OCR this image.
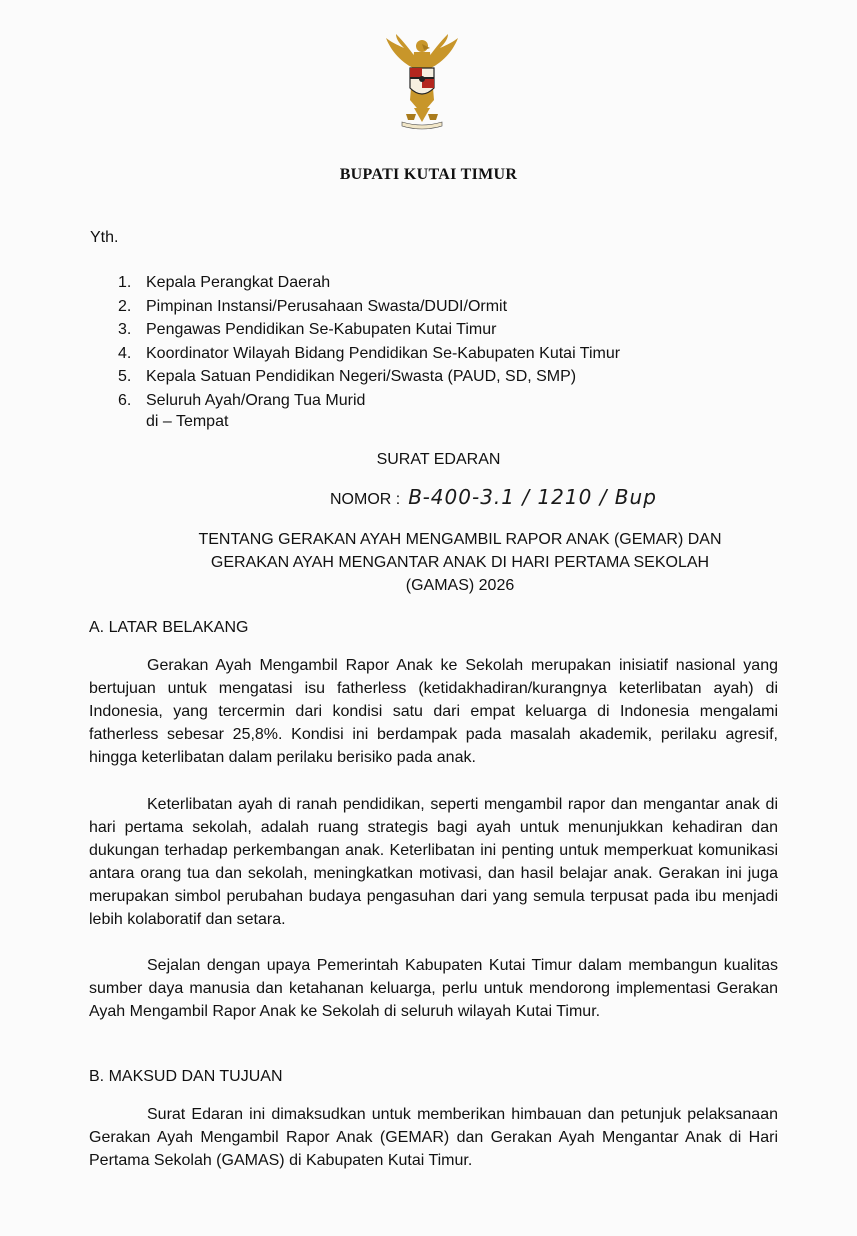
BUPATI KUTAI TIMUR
Yth.
1. Kepala Perangkat Daerah
2. Pimpinan Instansi/Perusahaan Swasta/DUDI/Ormit
3. Pengawas Pendidikan Se-Kabupaten Kutai Timur
4. Koordinator Wilayah Bidang Pendidikan Se-Kabupaten Kutai Timur
5. Kepala Satuan Pendidikan Negeri/Swasta (PAUD, SD, SMP)
6. Seluruh Ayah/Orang Tua Murid
di – Tempat
SURAT EDARAN
NOMOR : B-400-3.1 / 1210 / Bup
TENTANG GERAKAN AYAH MENGAMBIL RAPOR ANAK (GEMAR) DAN
GERAKAN AYAH MENGANTAR ANAK DI HARI PERTAMA SEKOLAH
(GAMAS) 2026
A. LATAR BELAKANG
Gerakan Ayah Mengambil Rapor Anak ke Sekolah merupakan inisiatif nasional yang bertujuan untuk mengatasi isu fatherless (ketidakhadiran/kurangnya keterlibatan ayah) di Indonesia, yang tercermin dari kondisi satu dari empat keluarga di Indonesia mengalami fatherless sebesar 25,8%. Kondisi ini berdampak pada masalah akademik, perilaku agresif, hingga keterlibatan dalam perilaku berisiko pada anak.
Keterlibatan ayah di ranah pendidikan, seperti mengambil rapor dan mengantar anak di hari pertama sekolah, adalah ruang strategis bagi ayah untuk menunjukkan kehadiran dan dukungan terhadap perkembangan anak. Keterlibatan ini penting untuk memperkuat komunikasi antara orang tua dan sekolah, meningkatkan motivasi, dan hasil belajar anak. Gerakan ini juga merupakan simbol perubahan budaya pengasuhan dari yang semula terpusat pada ibu menjadi lebih kolaboratif dan setara.
Sejalan dengan upaya Pemerintah Kabupaten Kutai Timur dalam membangun kualitas sumber daya manusia dan ketahanan keluarga, perlu untuk mendorong implementasi Gerakan Ayah Mengambil Rapor Anak ke Sekolah di seluruh wilayah Kutai Timur.
B. MAKSUD DAN TUJUAN
Surat Edaran ini dimaksudkan untuk memberikan himbauan dan petunjuk pelaksanaan Gerakan Ayah Mengambil Rapor Anak (GEMAR) dan Gerakan Ayah Mengantar Anak di Hari Pertama Sekolah (GAMAS) di Kabupaten Kutai Timur.
